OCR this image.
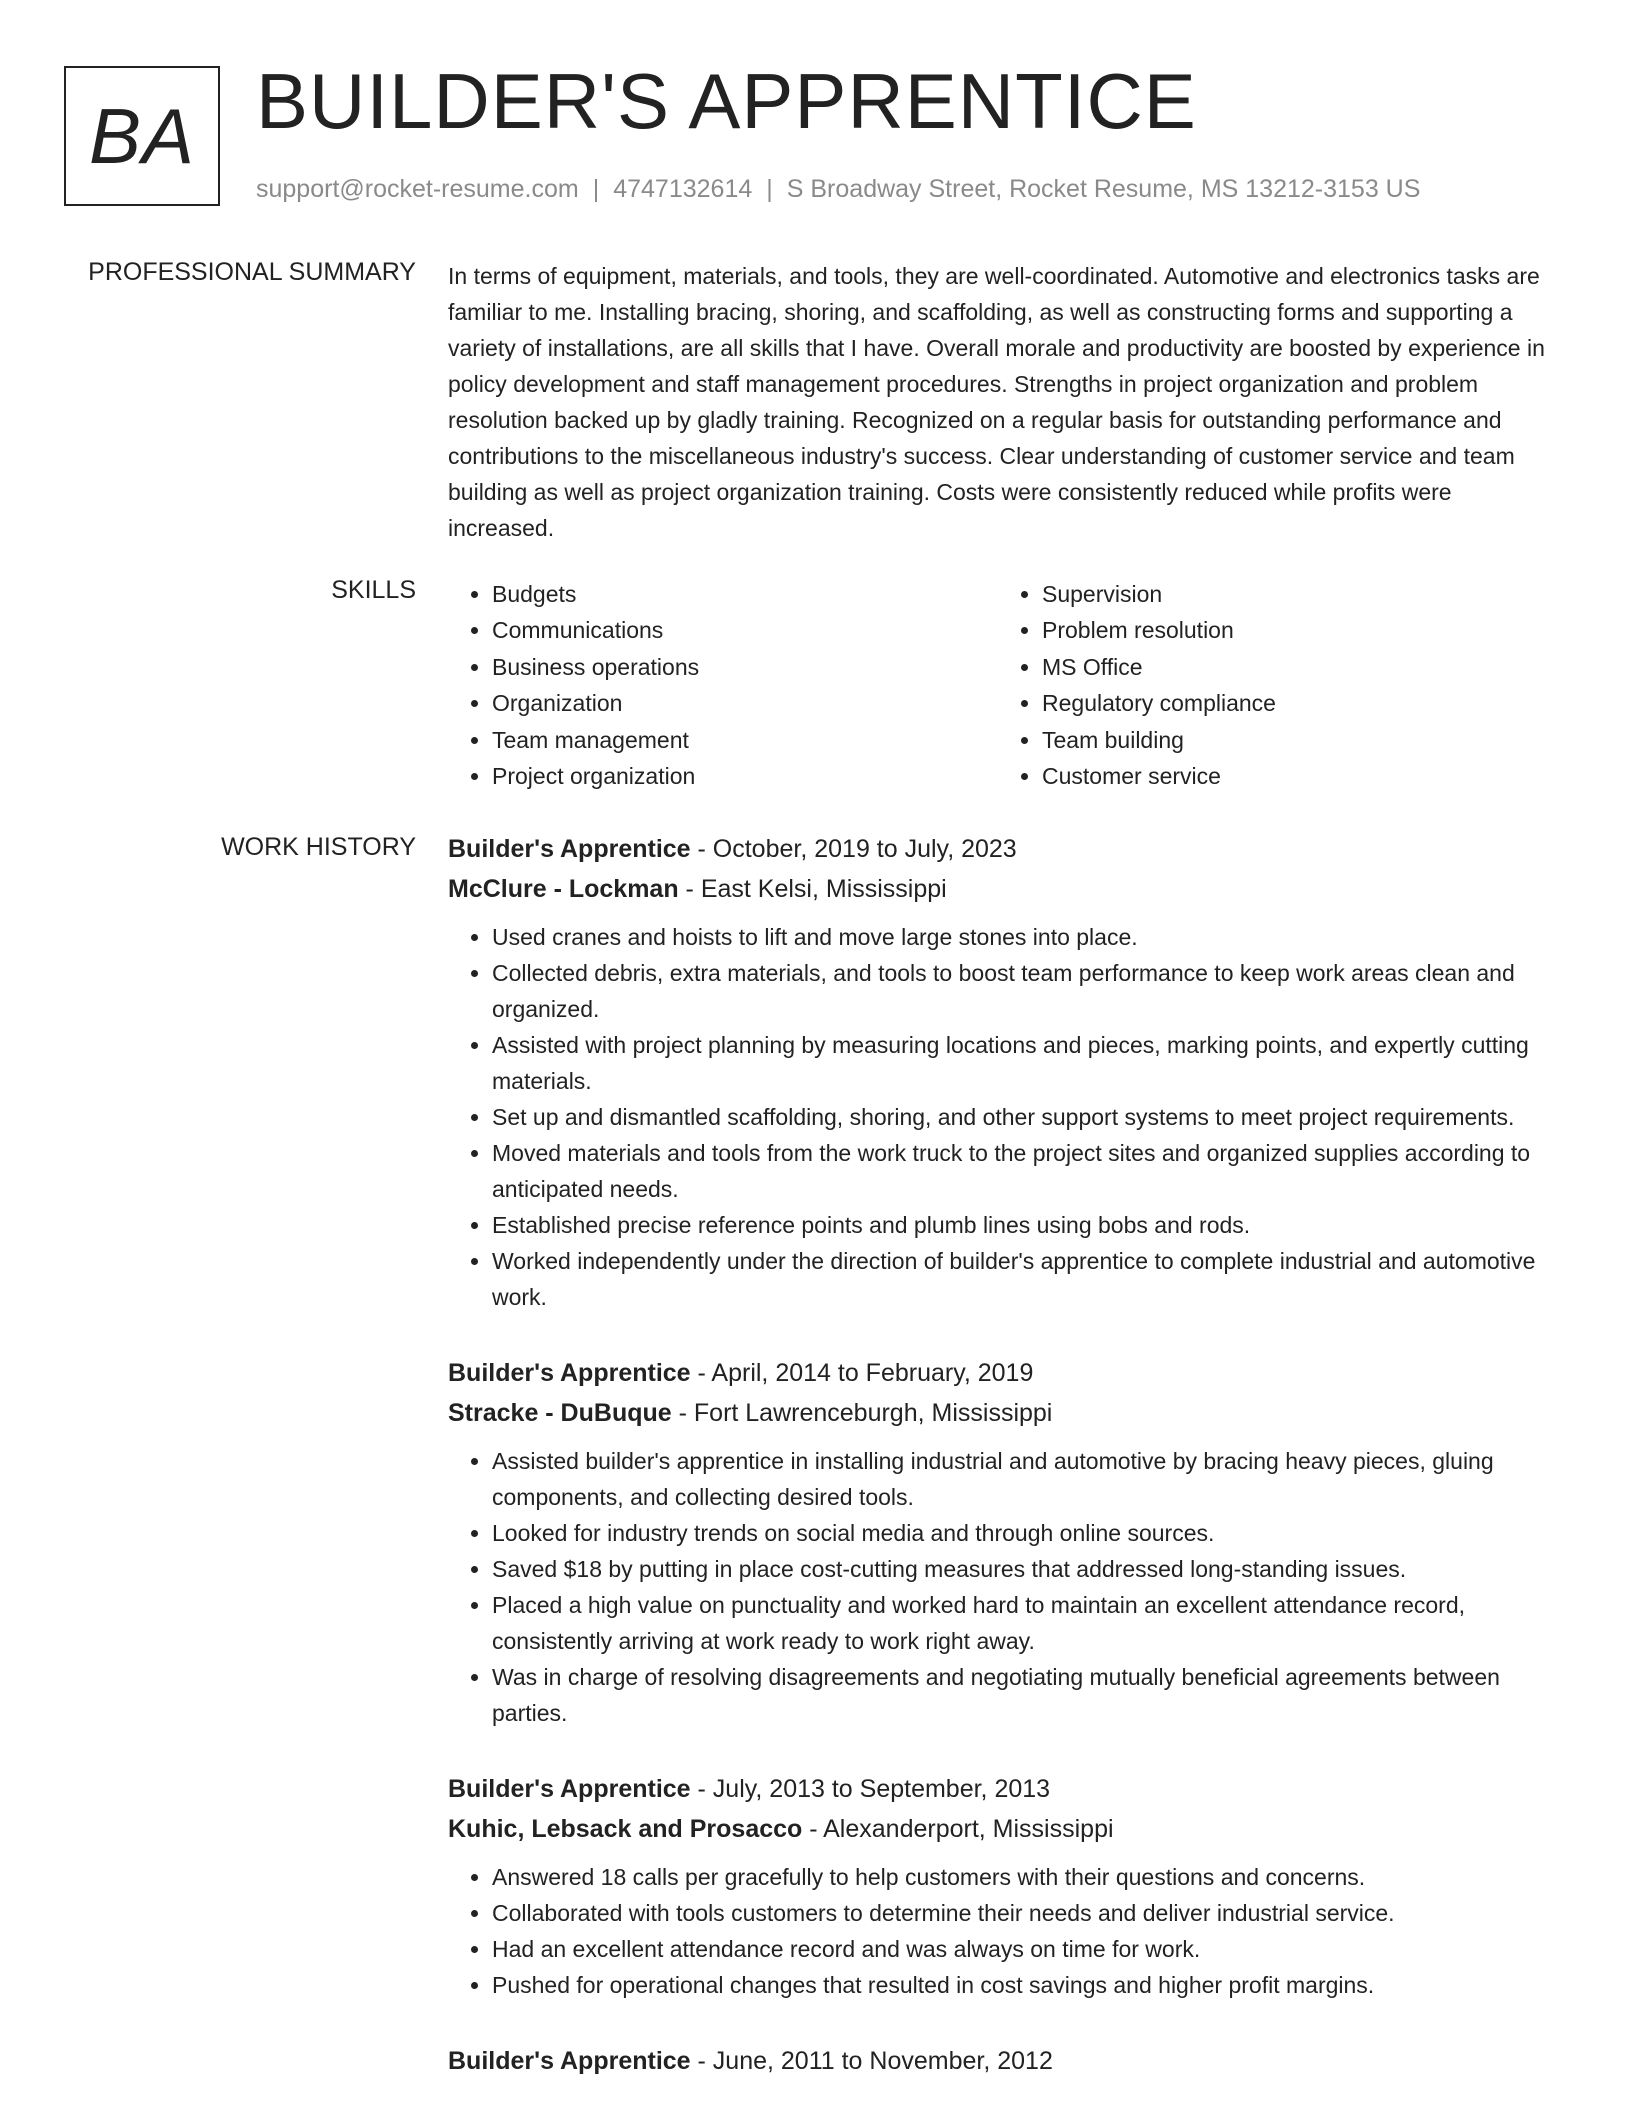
BA BUILDER'S APPRENTICE
support@rocket-resume.com | 4747132614 | S Broadway Street, Rocket Resume, MS 13212-3153 US
PROFESSIONAL SUMMARY In terms of equipment, materials, and tools, they are well-coordinated. Automotive and electronics tasks are familiar to me. Installing bracing, shoring, and scaffolding, as well as constructing forms and supporting a variety of installations, are all skills that I have. Overall morale and productivity are boosted by experience in policy development and staff management procedures. Strengths in project organization and problem resolution backed up by gladly training. Recognized on a regular basis for outstanding performance and contributions to the miscellaneous industry's success. Clear understanding of customer service and team building as well as project organization training. Costs were consistently reduced while profits were increased.

SKILLS
•	Budgets
• Communications
• Business operations
• Organization
• Team management
• Project organization
• Supervision
• Problem resolution
• MS Office
• Regulatory compliance
• Team building
• Customer service
WORK HISTORY Builder's Apprentice - October, 2019 to July, 2023

McClure - Lockman - East Kelsi, Mississippi

• Used cranes and hoists to lift and move large stones into place.
• Collected debris, extra materials, and tools to boost team performance to keep work areas clean and organized.
• Assisted with project planning by measuring locations and pieces, marking points, and expertly cutting materials.
• Set up and dismantled scaffolding, shoring, and other support systems to meet project requirements.
• Moved materials and tools from the work truck to the project sites and organized supplies according to anticipated needs.
• Established precise reference points and plumb lines using bobs and rods.
• Worked independently under the direction of builder's apprentice to complete industrial and automotive work.

Builder's Apprentice - April, 2014 to February, 2019

Stracke - DuBuque - Fort Lawrenceburgh, Mississippi

• Assisted builder's apprentice in installing industrial and automotive by bracing heavy pieces, gluing components, and collecting desired tools.
• Looked for industry trends on social media and through online sources.
• Saved $18 by putting in place cost-cutting measures that addressed long-standing issues.
• Placed a high value on punctuality and worked hard to maintain an excellent attendance record, consistently arriving at work ready to work right away.
• Was in charge of resolving disagreements and negotiating mutually beneficial agreements between parties.

Builder's Apprentice - July, 2013 to September, 2013

Kuhic, Lebsack and Prosacco - Alexanderport, Mississippi

• Answered 18 calls per gracefully to help customers with their questions and concerns.
• Collaborated with tools customers to determine their needs and deliver industrial service.
• Had an excellent attendance record and was always on time for work.
• Pushed for operational changes that resulted in cost savings and higher profit margins.

Builder's Apprentice - June, 2011 to November, 2012
